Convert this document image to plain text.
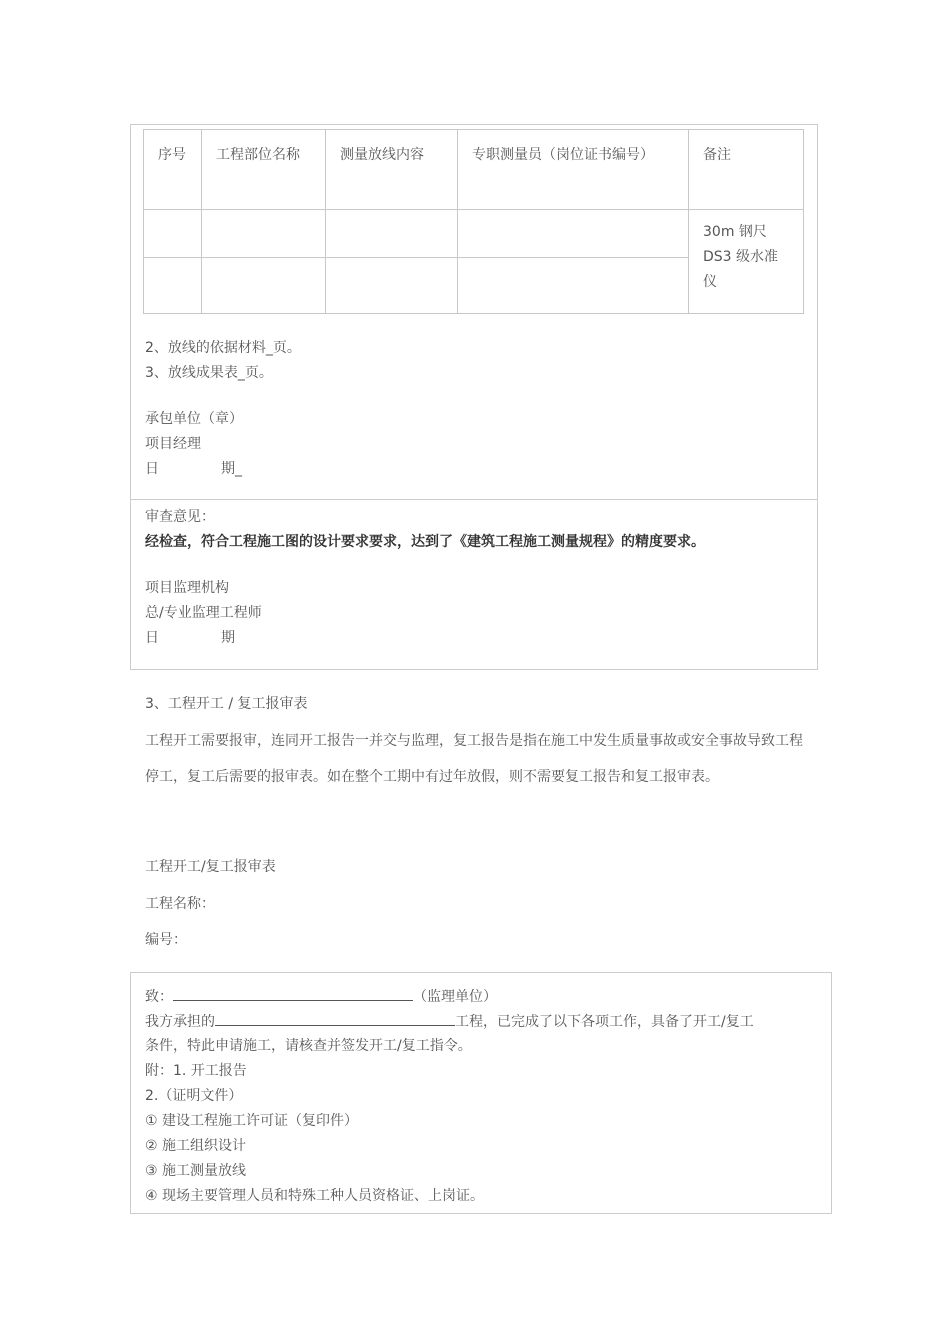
序号	工程部位名称	测量放线内容	专职测量员（岗位证书编号）	备注

				30m 钢尺 DS3 级水准仪

2、放线的依据材料_页。
3、放线成果表_页。
承包单位（章）
项目经理
日	期_
审查意见：
经检查，符合工程施工图的设计要求要求，达到了《建筑工程施工测量规程》的精度要求。
项目监理机构
总/专业监理工程师
日	期
3、工程开工 / 复工报审表
工程开工需要报审，连同开工报告一并交与监理，复工报告是指在施工中发生质量事故或安全事故导致工程停工，复工后需要的报审表。如在整个工期中有过年放假，则不需要复工报告和复工报审表。
工程开工/复工报审表
工程名称：
编号：
致：	（监理单位）
我方承担的	工程，已完成了以下各项工作，具备了开工/复工
条件，特此申请施工，请核查并签发开工/复工指令。
附：1. 开工报告
2.（证明文件）
① 建设工程施工许可证（复印件）
② 施工组织设计
③ 施工测量放线
④ 现场主要管理人员和特殊工种人员资格证、上岗证。
